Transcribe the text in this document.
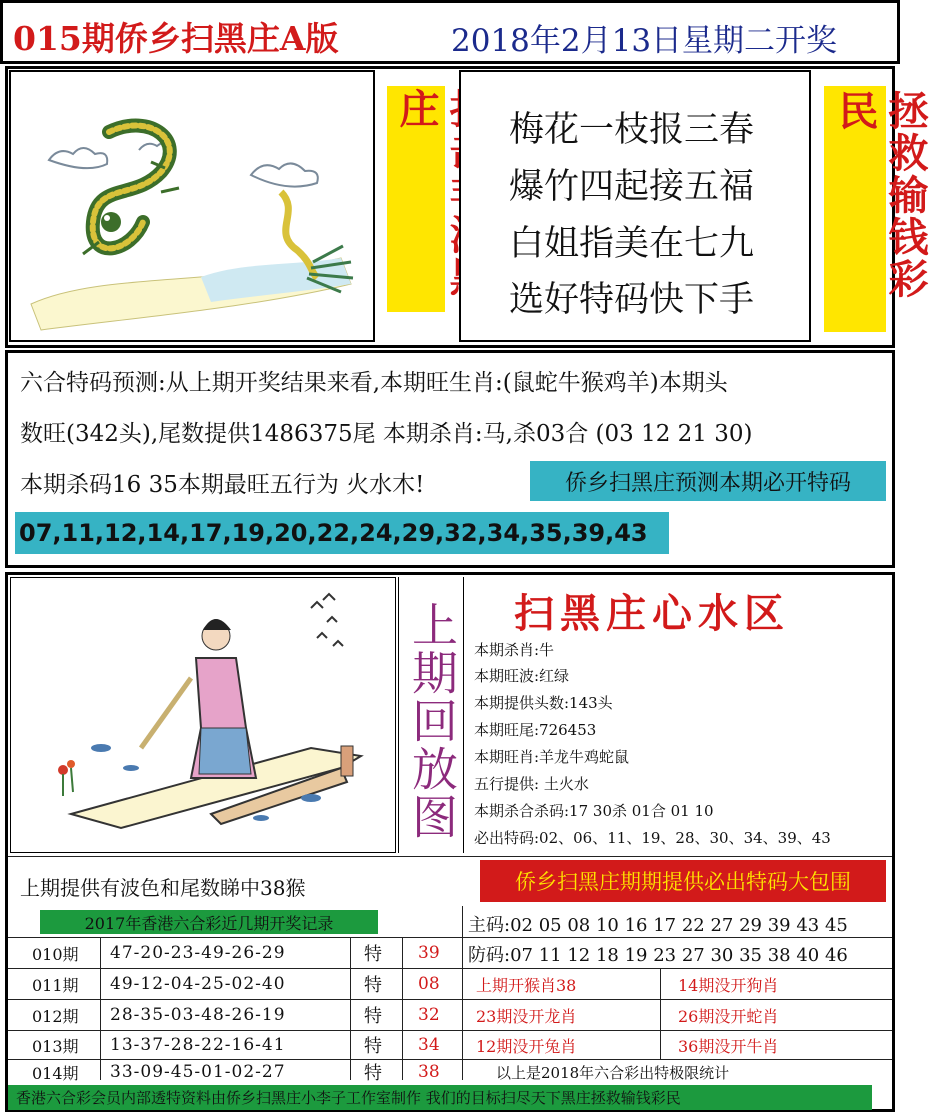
015期侨乡扫黑庄A版	2018年2月13日星期二开奖
庄	梅花一枝报三春
爆竹四起接五福
白姐指美在七九
选好特码快下手	拯救输钱彩民
六合特码预测:从上期开奖结果来看,本期旺生肖:(鼠蛇牛猴鸡羊)本期头
数旺(342头),尾数提供1486375尾 本期杀肖:马,杀03合 (03 12 21 30)
本期杀码16 35本期最旺五行为 火水木!	侨乡扫黑庄预测本期必开特码
07,11,12,14,17,19,20,22,24,29,32,34,35,39,43
上期回放图 扫黑庄心水区
本期杀肖:牛
本期旺波:红绿
本期提供头数:143头
本期旺尾:726453
本期旺肖:羊龙牛鸡蛇鼠
五行提供: 土火水
本期杀合杀码:17 30杀 01合 01 10
必出特码:02、06、11、19、28、30、34、39、43
上期提供有波色和尾数睇中38猴	侨乡扫黑庄期期提供必出特码大包围
2017年香港六合彩近几期开奖记录	主码:02 05 08 10 16 17 22 27 29 39 43 45
防码:07 11 12 18 19 23 27 30 35 38 40 46
010期 47-20-23-49-26-29	特 39
011期 49-12-04-25-02-40	特 08 上期开猴肖38	14期没开狗肖
012期 28-35-03-48-26-19	特 32 23期没开龙肖	26期没开蛇肖
013期 13-37-28-22-16-41	特 34 12期没开兔肖	36期没开牛肖
014期 33-09-45-01-02-27	特 38	以上是2018年六合彩出特极限统计
香港六合彩会员内部透特资料由侨乡扫黑庄小李子工作室制作 我们的目标扫尽天下黑庄拯救输钱彩民
